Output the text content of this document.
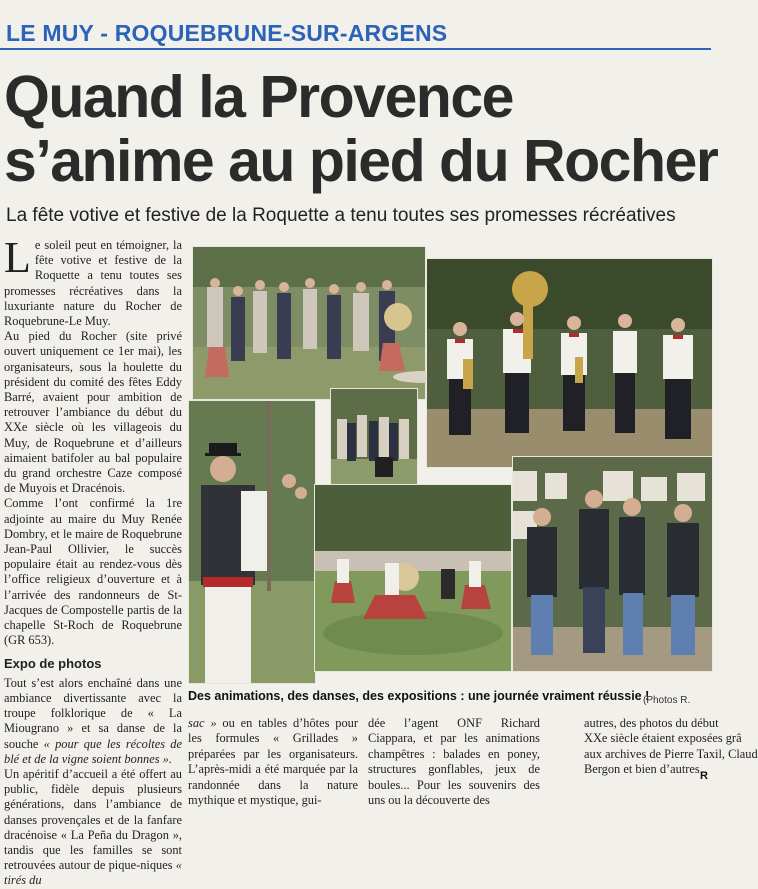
LE MUY - ROQUEBRUNE-SUR-ARGENS
Quand la Provence
s’anime au pied du Rocher
La fête votive et festive de la Roquette a tenu toutes ses promesses récréatives

Le soleil peut en témoigner, la fête votive et festive de la Roquette a tenu toutes ses promesses récréatives dans la luxuriante nature du Rocher de Roquebrune-Le Muy.

Au pied du Rocher (site privé ouvert uniquement ce 1er mai), les organisateurs, sous la houlette du président du comité des fêtes Eddy Barré, avaient pour ambition de retrouver l’ambiance du début du XXe siècle où les villageois du Muy, de Roquebrune et d’ailleurs aimaient batifoler au bal populaire du grand orchestre Caze composé de Muyois et Dracénois.

Comme l’ont confirmé la 1re adjointe au maire du Muy Renée Dombry, et le maire de Roquebrune Jean-Paul Ollivier, le succès populaire était au rendez-vous dès l’office religieux d’ouverture et à l’arrivée des randonneurs de St-Jacques de Compostelle partis de la chapelle St-Roch de Roquebrune (GR 653).

Expo de photos

Tout s’est alors enchaîné dans une ambiance divertissante avec la troupe folklorique de « La Miougrano » et sa danse de la souche « pour que les récoltes de blé et de la vigne soient bonnes ».

Un apéritif d’accueil a été offert au public, fidèle depuis plusieurs générations, dans l’ambiance de danses provençales et de la fanfare dracénoise « La Peña du Dragon », tandis que les familles se sont retrouvées autour de pique-niques « tirés du

Des animations, des danses, des expositions : une journée vraiment réussie !
(Photos R.
sac » ou en tables d’hôtes pour les formules « Grillades » préparées par les organisateurs. L’après-midi a été marquée par la randonnée dans la nature mythique et mystique, gui-
dée l’agent ONF Richard Ciappara, et par les animations champêtres : balades en poney, structures gonflables, jeux de boules... Pour les souvenirs des uns ou la découverte des
autres, des photos du début
XXe siècle étaient exposées grâ
aux archives de Pierre Taxil, Claud
Bergon et bien d’autres.
R
